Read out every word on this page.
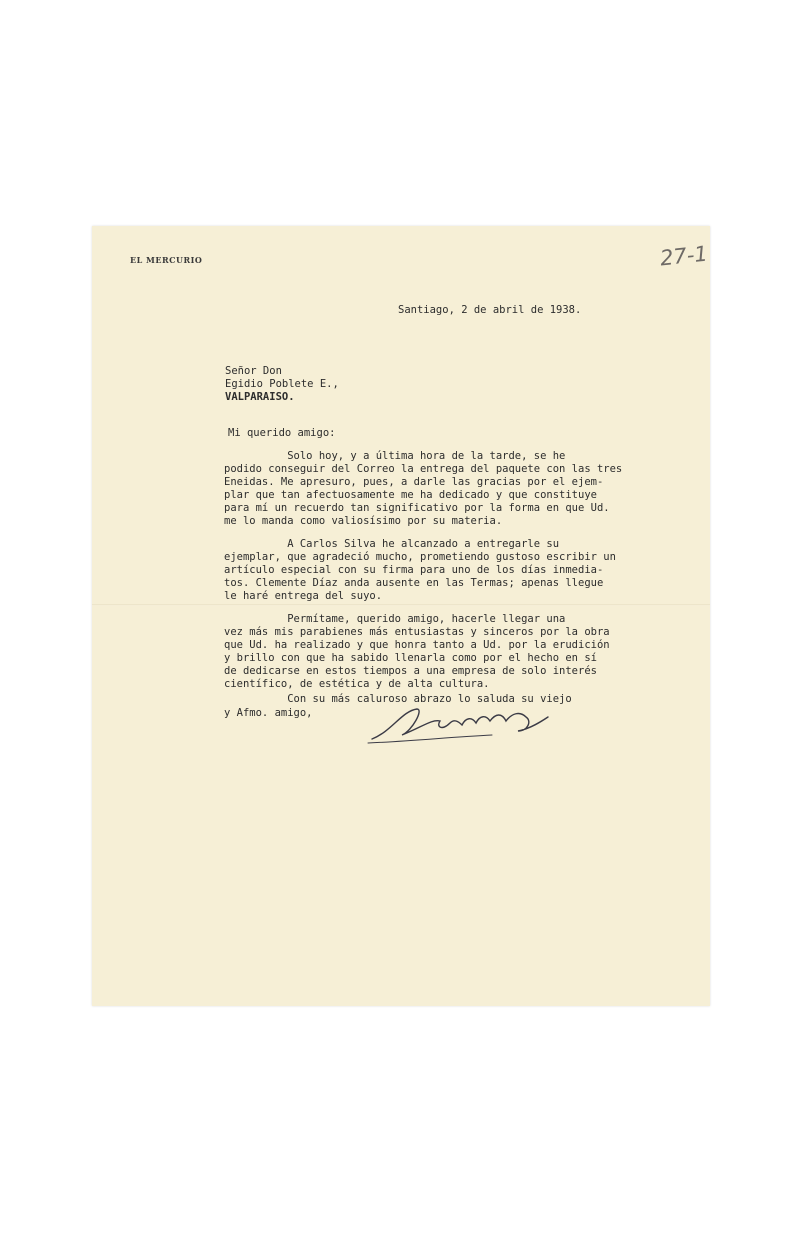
EL MERCURIO	27-1
Santiago, 2 de abril de 1938.
Señor Don
Egidio Poblete E.,
VALPARAISO.
Mi querido amigo:
Solo hoy, y a última hora de la tarde, se he
podido conseguir del Correo la entrega del paquete con las tres
Eneidas. Me apresuro, pues, a darle las gracias por el ejem-
plar que tan afectuosamente me ha dedicado y que constituye
para mí un recuerdo tan significativo por la forma en que Ud.
me lo manda como valiosísimo por su materia.
A Carlos Silva he alcanzado a entregarle su
ejemplar, que agradeció mucho, prometiendo gustoso escribir un
artículo especial con su firma para uno de los días inmedia-
tos. Clemente Díaz anda ausente en las Termas; apenas llegue
le haré entrega del suyo.
Permítame, querido amigo, hacerle llegar una
vez más mis parabienes más entusiastas y sinceros por la obra
que Ud. ha realizado y que honra tanto a Ud. por la erudición
y brillo con que ha sabido llenarla como por el hecho en sí
de dedicarse en estos tiempos a una empresa de solo interés
científico, de estética y de alta cultura.
Con su más caluroso abrazo lo saluda su viejo
y Afmo. amigo,
